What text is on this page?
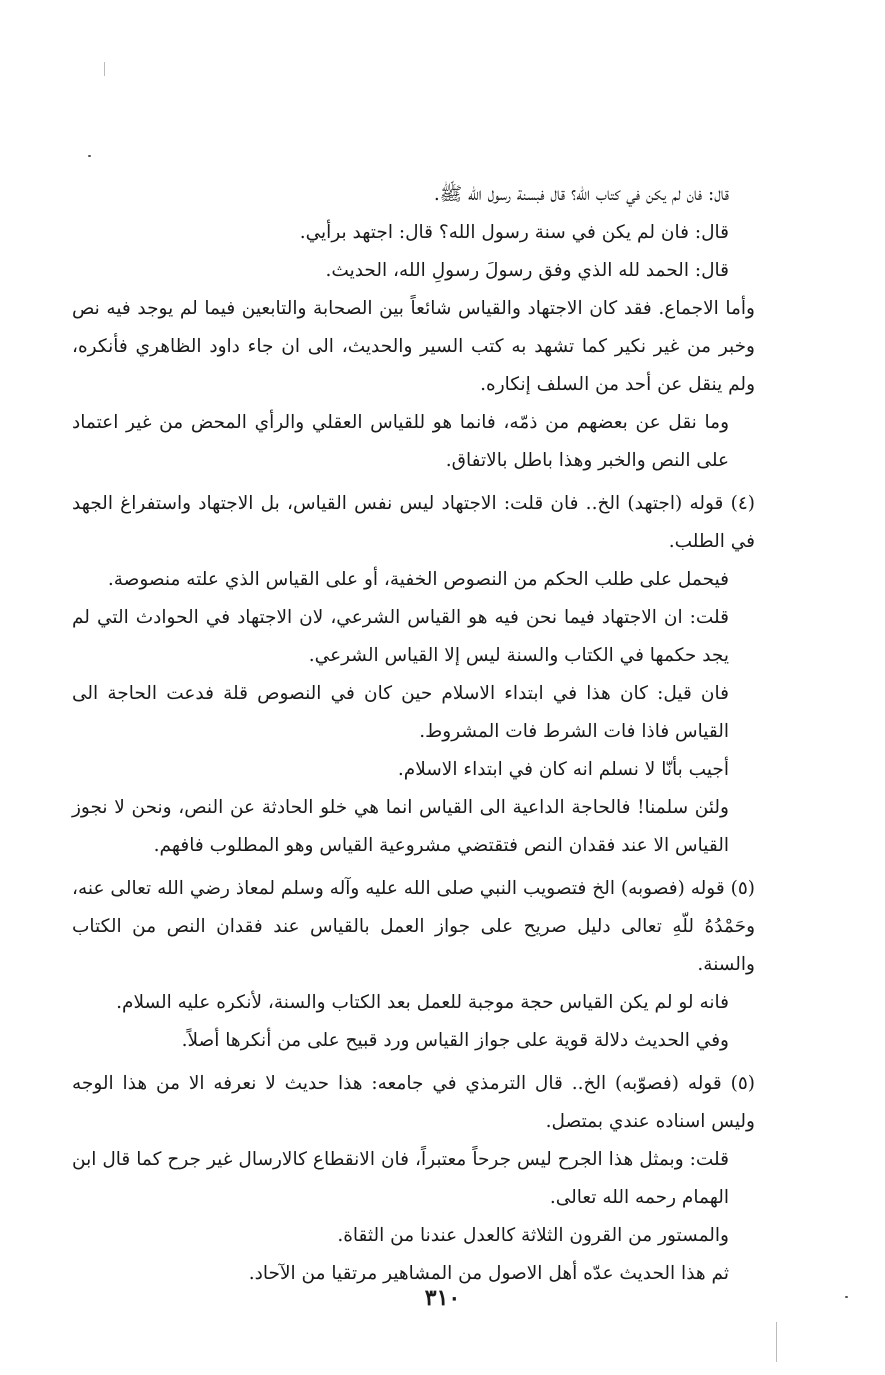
قال: فان لم يكن في كتاب الله؟ قال فبسنة رسول الله ﷺ.

قال: فان لم يكن في سنة رسول الله؟ قال: اجتهد برأيي.

قال: الحمد لله الذي وفق رسولَ رسولِ الله، الحديث.

وأما الاجماع. فقد كان الاجتهاد والقياس شائعاً بين الصحابة والتابعين فيما لم يوجد فيه نص وخبر من غير نكير كما تشهد به كتب السير والحديث، الى ان جاء داود الظاهري فأنكره، ولم ينقل عن أحد من السلف إنكاره.

وما نقل عن بعضهم من ذمّه، فانما هو للقياس العقلي والرأي المحض من غير اعتماد على النص والخبر وهذا باطل بالاتفاق.

(٤) قوله (اجتهد) الخ.. فان قلت: الاجتهاد ليس نفس القياس، بل الاجتهاد واستفراغ الجهد في الطلب.

فيحمل على طلب الحكم من النصوص الخفية، أو على القياس الذي علته منصوصة.

قلت: ان الاجتهاد فيما نحن فيه هو القياس الشرعي، لان الاجتهاد في الحوادث التي لم يجد حكمها في الكتاب والسنة ليس إلا القياس الشرعي.

فان قيل: كان هذا في ابتداء الاسلام حين كان في النصوص قلة فدعت الحاجة الى القياس فاذا فات الشرط فات المشروط.

أجيب بأنّا لا نسلم انه كان في ابتداء الاسلام.

ولئن سلمنا! فالحاجة الداعية الى القياس انما هي خلو الحادثة عن النص، ونحن لا نجوز القياس الا عند فقدان النص فتقتضي مشروعية القياس وهو المطلوب فافهم.

(٥) قوله (فصوبه) الخ فتصويب النبي صلى الله عليه وآله وسلم لمعاذ رضي الله تعالى عنه، وحَمْدُهُ للّهِ تعالى دليل صريح على جواز العمل بالقياس عند فقدان النص من الكتاب والسنة.

فانه لو لم يكن القياس حجة موجبة للعمل بعد الكتاب والسنة، لأنكره عليه السلام.

وفي الحديث دلالة قوية على جواز القياس ورد قبيح على من أنكرها أصلاً.

(٥) قوله (فصوّبه) الخ.. قال الترمذي في جامعه: هذا حديث لا نعرفه الا من هذا الوجه وليس اسناده عندي بمتصل.

قلت: وبمثل هذا الجرح ليس جرحاً معتبراً، فان الانقطاع كالارسال غير جرح كما قال ابن الهمام رحمه الله تعالى.

والمستور من القرون الثلاثة كالعدل عندنا من الثقاة.

ثم هذا الحديث عدّه أهل الاصول من المشاهير مرتقيا من الآحاد.

٣١٠
